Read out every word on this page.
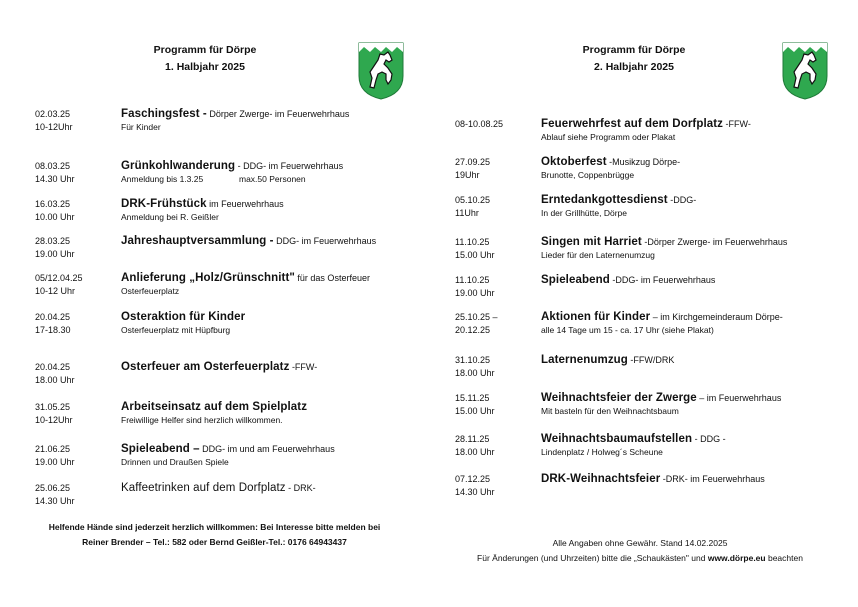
Programm für Dörpe
1. Halbjahr 2025
02.03.25
10-12Uhr
Faschingsfest - Dörper Zwerge- im Feuerwehrhaus
Für Kinder
08.03.25
14.30 Uhr
Grünkohlwanderung - DDG- im Feuerwehrhaus
Anmeldung bis 1.3.25	max.50 Personen
16.03.25
10.00 Uhr
DRK-Frühstück im Feuerwehrhaus
Anmeldung bei R. Geißler
28.03.25
19.00 Uhr
Jahreshauptversammlung - DDG- im Feuerwehrhaus
05/12.04.25
10-12 Uhr
Anlieferung „Holz/Grünschnitt" für das Osterfeuer
Osterfeuerplatz
20.04.25
17-18.30
Osteraktion für Kinder
Osterfeuerplatz mit Hüpfburg
20.04.25
18.00 Uhr
Osterfeuer am Osterfeuerplatz -FFW-
31.05.25
10-12Uhr
Arbeitseinsatz auf dem Spielplatz
Freiwillige Helfer sind herzlich willkommen.
21.06.25
19.00 Uhr
Spieleabend – DDG- im und am Feuerwehrhaus
Drinnen und Draußen Spiele
25.06.25
14.30 Uhr
Kaffeetrinken auf dem Dorfplatz - DRK-
Helfende Hände sind jederzeit herzlich willkommen: Bei Interesse bitte melden bei
Reiner Brender – Tel.: 582 oder Bernd Geißler-Tel.: 0176 64943437
Programm für Dörpe
2. Halbjahr 2025
08-10.08.25	Feuerwehrfest auf dem Dorfplatz -FFW-
Ablauf siehe Programm oder Plakat
27.09.25
19Uhr
Oktoberfest -Musikzug Dörpe-
Brunotte, Coppenbrügge
05.10.25
11Uhr
Erntedankgottesdienst -DDG-
In der Grillhütte, Dörpe
11.10.25
15.00 Uhr
Singen mit Harriet -Dörper Zwerge- im Feuerwehrhaus
Lieder für den Laternenumzug
11.10.25
19.00 Uhr
Spieleabend -DDG- im Feuerwehrhaus
25.10.25 –
20.12.25
Aktionen für Kinder – im Kirchgemeinderaum Dörpe-
alle 14 Tage um 15 - ca. 17 Uhr (siehe Plakat)
31.10.25
18.00 Uhr
Laternenumzug -FFW/DRK
15.11.25
15.00 Uhr
Weihnachtsfeier der Zwerge – im Feuerwehrhaus
Mit basteln für den Weihnachtsbaum
28.11.25
18.00 Uhr
Weihnachtsbaumaufstellen - DDG -
Lindenplatz / Holweg´s Scheune
07.12.25
14.30 Uhr
DRK-Weihnachtsfeier -DRK- im Feuerwehrhaus
Alle Angaben ohne Gewähr. Stand 14.02.2025
Für Änderungen (und Uhrzeiten) bitte die „Schaukästen" und www.dörpe.eu beachten
